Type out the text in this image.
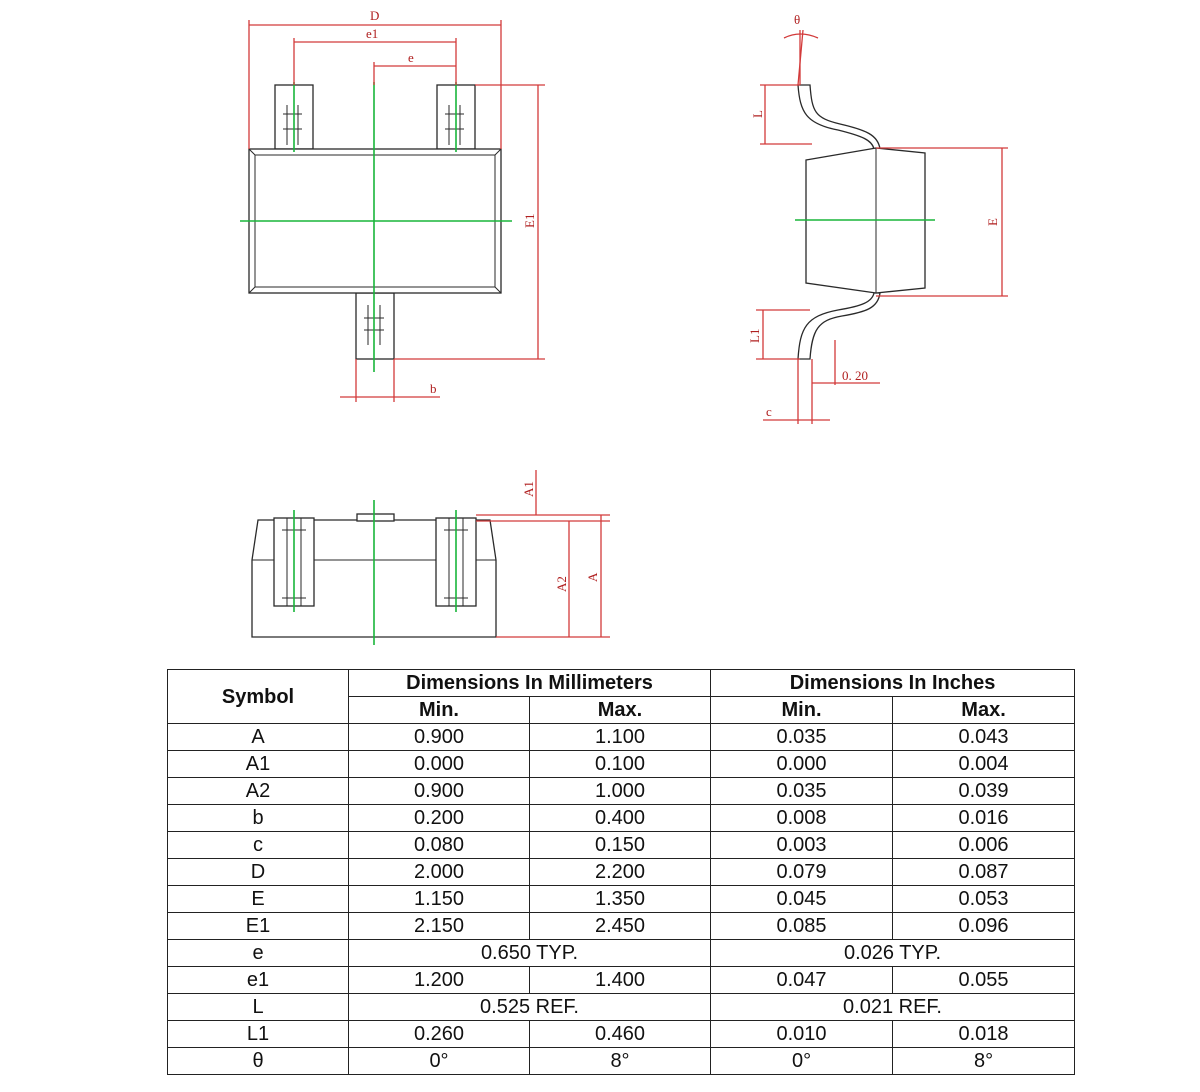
D
e1
e
E1
b
θ
L
E
L1
0. 20
c
A1
A2 A
Symbol	Dimensions In Millimeters		Dimensions In Inches	
	Min.	Max.	Min.	Max.
A	0.900	1.100	0.035	0.043
A1	0.000	0.100	0.000	0.004
A2	0.900	1.000	0.035	0.039
b	0.200	0.400	0.008	0.016
c	0.080	0.150	0.003	0.006
D	2.000	2.200	0.079	0.087
E	1.150	1.350	0.045	0.053
E1	2.150	2.450	0.085	0.096
e	0.650 TYP.		0.026 TYP.	
e1	1.200	1.400	0.047	0.055
L	0.525 REF.		0.021 REF.	
L1	0.260	0.460	0.010	0.018
θ	0°	8°	0°	8°
